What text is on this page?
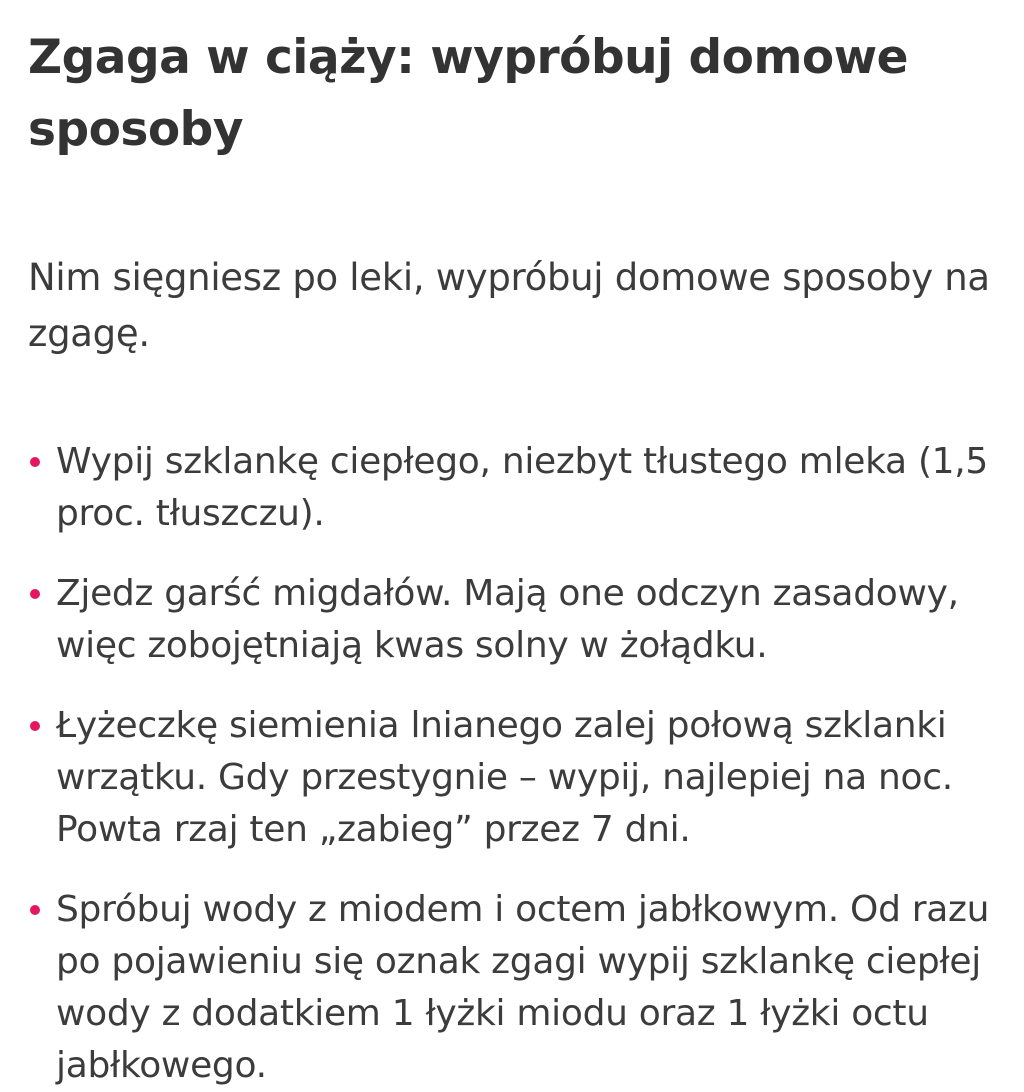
Zgaga w ciąży: wypróbuj domowe sposoby

Nim sięgniesz po leki, wypróbuj domowe sposoby na zgagę.

Wypij szklankę ciepłego, niezbyt tłustego mleka (1,5 proc. tłuszczu).
Zjedz garść migdałów. Mają one odczyn zasadowy, więc zobojętniają kwas solny w żołądku.
Łyżeczkę siemienia lnianego zalej połową szklanki wrzątku. Gdy przestygnie – wypij, najlepiej na noc. Powta rzaj ten „zabieg” przez 7 dni.
Spróbuj wody z miodem i octem jabłkowym. Od razu po pojawieniu się oznak zgagi wypij szklankę ciepłej wody z dodatkiem 1 łyżki miodu oraz 1 łyżki octu jabłkowego.
